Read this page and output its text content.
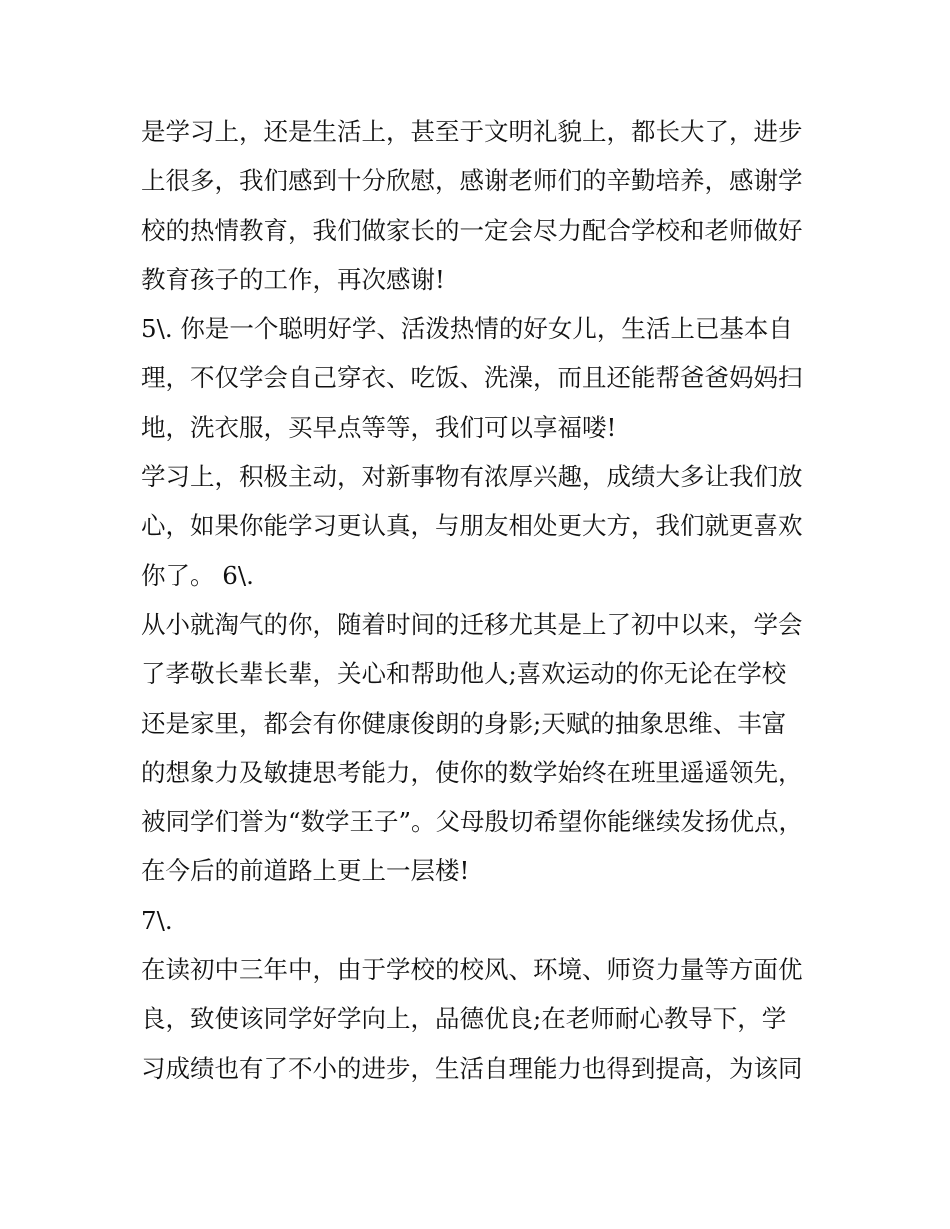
是学习上，还是生活上，甚至于文明礼貌上，都长大了，进步
上很多，我们感到十分欣慰，感谢老师们的辛勤培养，感谢学
校的热情教育，我们做家长的一定会尽力配合学校和老师做好
教育孩子的工作，再次感谢!
5\. 你是一个聪明好学、活泼热情的好女儿，生活上已基本自
理，不仅学会自己穿衣、吃饭、洗澡，而且还能帮爸爸妈妈扫
地，洗衣服，买早点等等，我们可以享福喽!
学习上，积极主动，对新事物有浓厚兴趣，成绩大多让我们放
心，如果你能学习更认真，与朋友相处更大方，我们就更喜欢
你了。 6\.
从小就淘气的你，随着时间的迁移尤其是上了初中以来，学会
了孝敬长辈长辈，关心和帮助他人;喜欢运动的你无论在学校
还是家里，都会有你健康俊朗的身影;天赋的抽象思维、丰富
的想象力及敏捷思考能力，使你的数学始终在班里遥遥领先，
被同学们誉为“数学王子”。父母殷切希望你能继续发扬优点，
在今后的前道路上更上一层楼!
7\.
在读初中三年中，由于学校的校风、环境、师资力量等方面优
良，致使该同学好学向上，品德优良;在老师耐心教导下，学
习成绩也有了不小的进步，生活自理能力也得到提高，为该同
